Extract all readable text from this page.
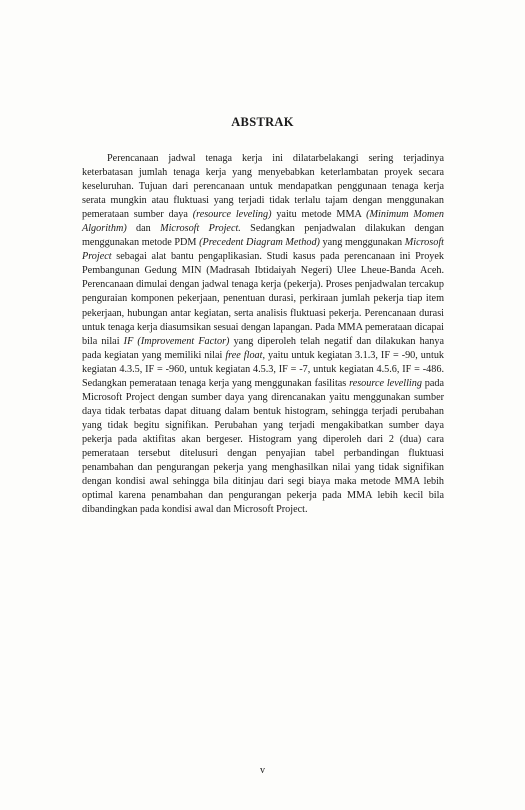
ABSTRAK

Perencanaan jadwal tenaga kerja ini dilatarbelakangi sering terjadinya keterbatasan jumlah tenaga kerja yang menyebabkan keterlambatan proyek secara keseluruhan. Tujuan dari perencanaan untuk mendapatkan penggunaan tenaga kerja serata mungkin atau fluktuasi yang terjadi tidak terlalu tajam dengan menggunakan pemerataan sumber daya (resource leveling) yaitu metode MMA (Minimum Momen Algorithm) dan Microsoft Project. Sedangkan penjadwalan dilakukan dengan menggunakan metode PDM (Precedent Diagram Method) yang menggunakan Microsoft Project sebagai alat bantu pengaplikasian. Studi kasus pada perencanaan ini Proyek Pembangunan Gedung MIN (Madrasah Ibtidaiyah Negeri) Ulee Lheue-Banda Aceh. Perencanaan dimulai dengan jadwal tenaga kerja (pekerja). Proses penjadwalan tercakup penguraian komponen pekerjaan, penentuan durasi, perkiraan jumlah pekerja tiap item pekerjaan, hubungan antar kegiatan, serta analisis fluktuasi pekerja. Perencanaan durasi untuk tenaga kerja diasumsikan sesuai dengan lapangan. Pada MMA pemerataan dicapai bila nilai IF (Improvement Factor) yang diperoleh telah negatif dan dilakukan hanya pada kegiatan yang memiliki nilai free float, yaitu untuk kegiatan 3.1.3, IF = -90, untuk kegiatan 4.3.5, IF = -960, untuk kegiatan 4.5.3, IF = -7, untuk kegiatan 4.5.6, IF = -486. Sedangkan pemerataan tenaga kerja yang menggunakan fasilitas resource levelling pada Microsoft Project dengan sumber daya yang direncanakan yaitu menggunakan sumber daya tidak terbatas dapat dituang dalam bentuk histogram, sehingga terjadi perubahan yang tidak begitu signifikan. Perubahan yang terjadi mengakibatkan sumber daya pekerja pada aktifitas akan bergeser. Histogram yang diperoleh dari 2 (dua) cara pemerataan tersebut ditelusuri dengan penyajian tabel perbandingan fluktuasi penambahan dan pengurangan pekerja yang menghasilkan nilai yang tidak signifikan dengan kondisi awal sehingga bila ditinjau dari segi biaya maka metode MMA lebih optimal karena penambahan dan pengurangan pekerja pada MMA lebih kecil bila dibandingkan pada kondisi awal dan Microsoft Project.

v
